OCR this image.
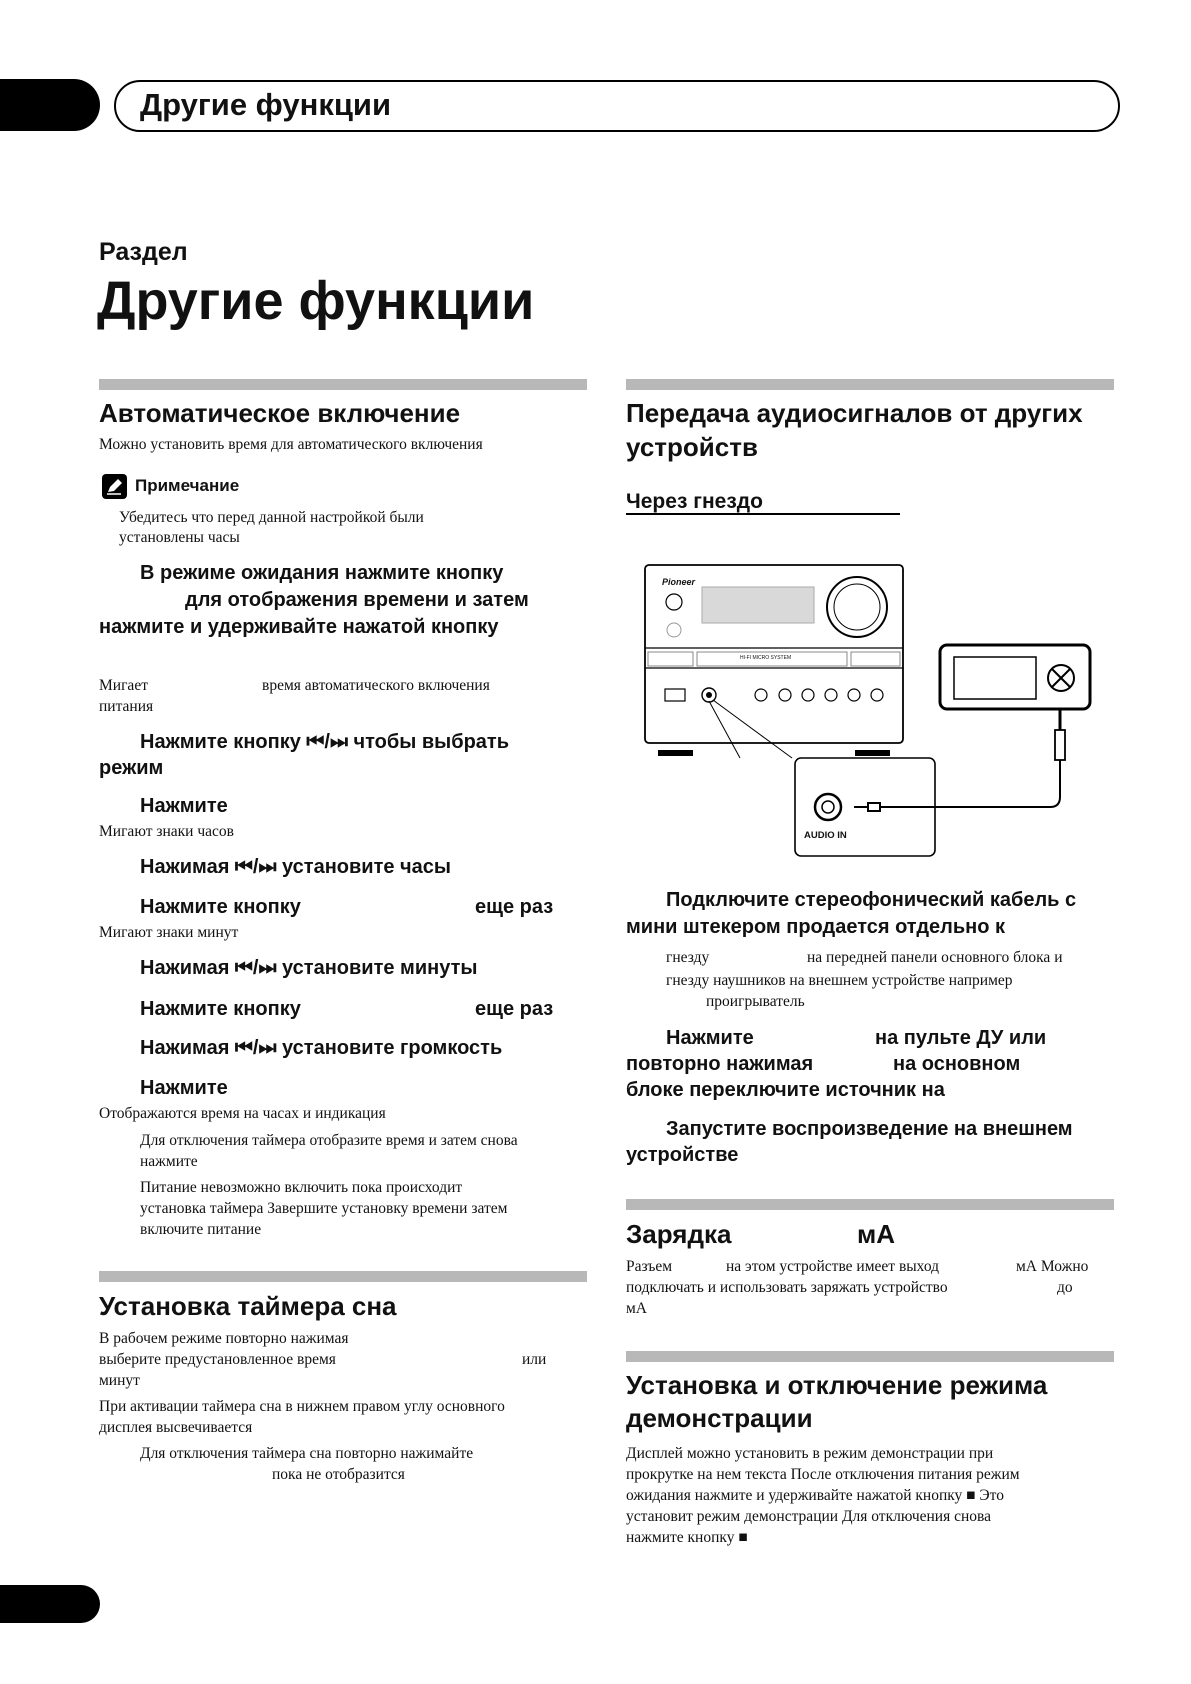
Другие функции
Раздел
Другие функции
Автоматическое включение
Можно установить время для автоматического включения
Примечание
Убедитесь что перед данной настройкой были
установлены часы
В режиме ожидания нажмите кнопку
для отображения времени и затем
нажмите и удерживайте нажатой кнопку
Мигает	время автоматического включения
питания
Нажмите кнопку ⏮/⏭ чтобы выбрать
режим
Нажмите
Мигают знаки часов
Нажимая ⏮/⏭ установите часы
Нажмите кнопку	еще раз
Мигают знаки минут
Нажимая ⏮/⏭ установите минуты
Нажмите кнопку	еще раз
Нажимая ⏮/⏭ установите громкость
Нажмите
Отображаются время на часах и индикация
Для отключения таймера отобразите время и затем снова
нажмите
Питание невозможно включить пока происходит
установка таймера Завершите установку времени затем
включите питание
Установка таймера сна
В рабочем режиме повторно нажимая
выберите предустановленное время	или
минут
При активации таймера сна в нижнем правом углу основного
дисплея высвечивается
Для отключения таймера сна повторно нажимайте
пока не отобразится
Передача аудиосигналов от других
устройств
Через гнездо
Pioneer
HI-FI MICRO SYSTEM
AUDIO IN
Подключите стереофонический кабель с
мини штекером продается отдельно к
гнезду	на передней панели основного блока и
гнезду наушников на внешнем устройстве например
проигрыватель
Нажмите	на пульте ДУ или
повторно нажимая	на основном
блоке переключите источник на
Запустите воспроизведение на внешнем
устройстве
Зарядка	мА
Разъем	на этом устройстве имеет выход	мА Можно
подключать и использовать заряжать устройство	до
мА
Установка и отключение режима
демонстрации
Дисплей можно установить в режим демонстрации при
прокрутке на нем текста После отключения питания режим
ожидания нажмите и удерживайте нажатой кнопку ■ Это
установит режим демонстрации Для отключения снова
нажмите кнопку ■
